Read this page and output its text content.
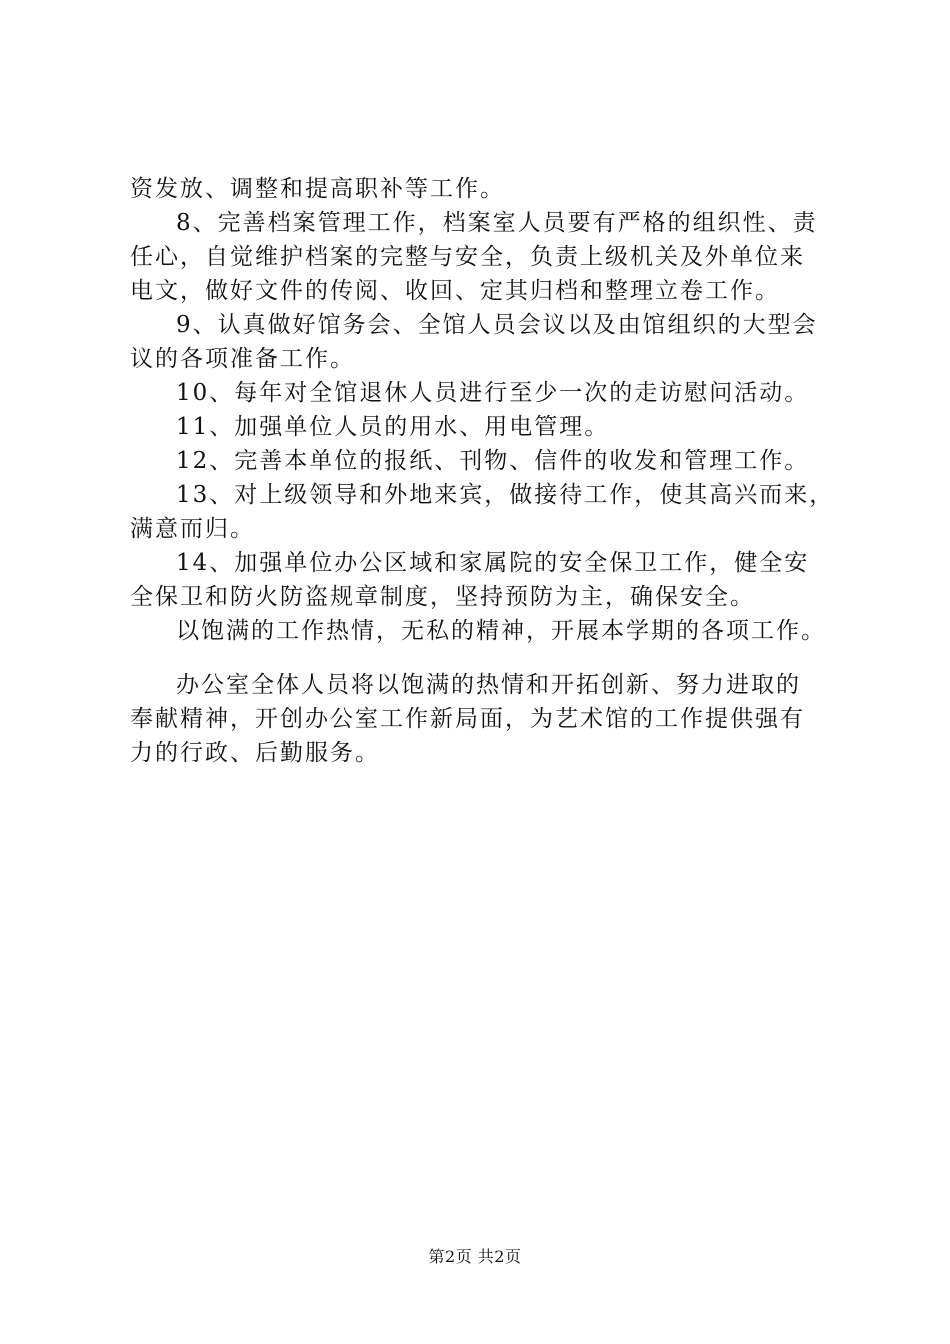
资发放、调整和提高职补等工作。
8、完善档案管理工作，档案室人员要有严格的组织性、责
任心，自觉维护档案的完整与安全，负责上级机关及外单位来
电文，做好文件的传阅、收回、定其归档和整理立卷工作。
9、认真做好馆务会、全馆人员会议以及由馆组织的大型会
议的各项准备工作。
10、每年对全馆退休人员进行至少一次的走访慰问活动。
11、加强单位人员的用水、用电管理。
12、完善本单位的报纸、刊物、信件的收发和管理工作。
13、对上级领导和外地来宾，做接待工作，使其高兴而来，
满意而归。
14、加强单位办公区域和家属院的安全保卫工作，健全安
全保卫和防火防盗规章制度，坚持预防为主，确保安全。
以饱满的工作热情，无私的精神，开展本学期的各项工作。
办公室全体人员将以饱满的热情和开拓创新、努力进取的
奉献精神，开创办公室工作新局面，为艺术馆的工作提供强有
力的行政、后勤服务。
第2页 共2页
